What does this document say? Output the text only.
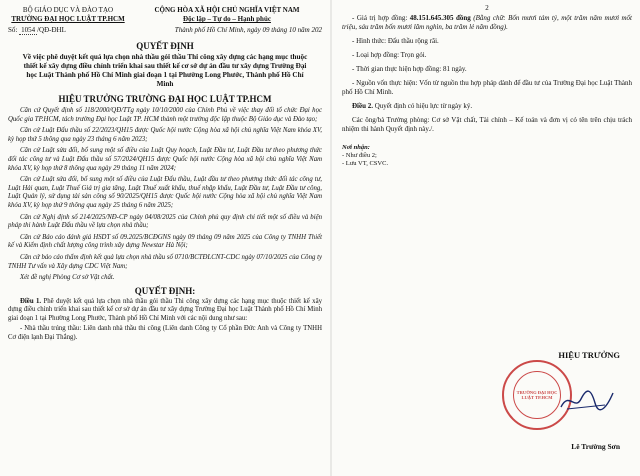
BỘ GIÁO DỤC VÀ ĐÀO TẠO
TRƯỜNG ĐẠI HỌC LUẬT TP.HCM
CỘNG HÒA XÃ HỘI CHỦ NGHĨA VIỆT NAM
Độc lập – Tự do – Hạnh phúc
Số: 1054 /QĐ-ĐHL	Thành phố Hồ Chí Minh, ngày 09 tháng 10 năm 202
QUYẾT ĐỊNH
Về việc phê duyệt kết quả lựa chọn nhà thầu gói thầu Thi công xây dựng các hạng mục thuộc thiết kế xây dựng điều chỉnh triển khai sau thiết kế cơ sở dự án đầu tư xây dựng Trường Đại học Luật Thành phố Hồ Chí Minh giai đoạn 1 tại Phường Long Phước, Thành phố Hồ Chí Minh
HIỆU TRƯỞNG TRƯỜNG ĐẠI HỌC LUẬT TP.HCM

Căn cứ Quyết định số 118/2000/QĐ/TTg ngày 10/10/2000 của Chính Phủ về việc thay đổi tổ chức Đại học Quốc gia TP.HCM, tách trường Đại học Luật TP. HCM thành một trường độc lập thuộc Bộ Giáo dục và Đào tạo;

Căn cứ Luật Đấu thầu số 22/2023/QH15 được Quốc hội nước Cộng hòa xã hội chủ nghĩa Việt Nam khóa XV, kỳ họp thứ 5 thông qua ngày 23 tháng 6 năm 2023;

Căn cứ Luật sửa đổi, bổ sung một số điều của Luật Quy hoạch, Luật Đầu tư, Luật Đầu tư theo phương thức đối tác công tư và Luật Đấu thầu số 57/2024/QH15 được Quốc hội nước Cộng hòa xã hội chủ nghĩa Việt Nam khóa XV, kỳ họp thứ 8 thông qua ngày 29 tháng 11 năm 2024;

Căn cứ Luật sửa đổi, bổ sung một số điều của Luật Đấu thầu, Luật đầu tư theo phương thức đối tác công tư, Luật Hải quan, Luật Thuế Giá trị gia tăng, Luật Thuế xuất khẩu, thuế nhập khẩu, Luật Đầu tư, Luật Đầu tư công, Luật Quản lý, sử dụng tài sản công số 90/2025/QH15 được Quốc hội nước Cộng hòa xã hội chủ nghĩa Việt Nam khóa XV, kỳ họp thứ 9 thông qua ngày 25 tháng 6 năm 2025;

Căn cứ Nghị định số 214/2025/NĐ-CP ngày 04/08/2025 của Chính phủ quy định chi tiết một số điều và biện pháp thi hành Luật Đấu thầu về lựa chọn nhà thầu;

Căn cứ Báo cáo đánh giá HSDT số 09.2025/BCĐGNS ngày 09 tháng 09 năm 2025 của Công ty TNHH Thiết kế và Kiểm định chất lượng công trình xây dựng Newstar Hà Nội;

Căn cứ báo cáo thẩm định kết quả lựa chọn nhà thầu số 0710/BCTĐLCNT-CDC ngày 07/10/2025 của Công ty TNHH Tư vấn và Xây dựng CDC Việt Nam;

Xét đề nghị Phòng Cơ sở Vật chất.

QUYẾT ĐỊNH:

Điều 1. Phê duyệt kết quả lựa chọn nhà thầu gói thầu Thi công xây dựng các hạng mục thuộc thiết kế xây dựng điều chỉnh triển khai sau thiết kế cơ sở dự án đầu tư xây dựng Trường Đại học Luật Thành phố Hồ Chí Minh giai đoạn 1 tại Phường Long Phước, Thành phố Hồ Chí Minh với các nội dung như sau:

- Nhà thầu trúng thầu: Liên danh nhà thầu thi công (Liên danh Công ty Cổ phần Đức Anh và Công ty TNHH Cơ điện lạnh Đại Thắng).

2

- Giá trị hợp đồng: 48.151.645.305 đồng (Bằng chữ: Bốn mươi tám tỷ, một trăm năm mươi mốt triệu, sáu trăm bốn mươi lăm nghìn, ba trăm lẻ năm đồng).

- Hình thức: Đấu thầu rộng rãi.

- Loại hợp đồng: Trọn gói.

- Thời gian thực hiện hợp đồng: 81 ngày.

- Nguồn vốn thực hiện: Vốn từ nguồn thu hợp pháp dành để đầu tư của Trường Đại học Luật Thành phố Hồ Chí Minh.

Điều 2. Quyết định có hiệu lực từ ngày ký.

Các ông/bà Trưởng phòng: Cơ sở Vật chất, Tài chính – Kế toán và đơn vị có tên trên chịu trách nhiệm thi hành Quyết định này./.

Nơi nhận:
- Như điều 2;
- Lưu VT, CSVC.
HIỆU TRƯỞNG
TRƯỜNG ĐẠI HỌC LUẬT TP.HCM
Lê Trường Sơn
